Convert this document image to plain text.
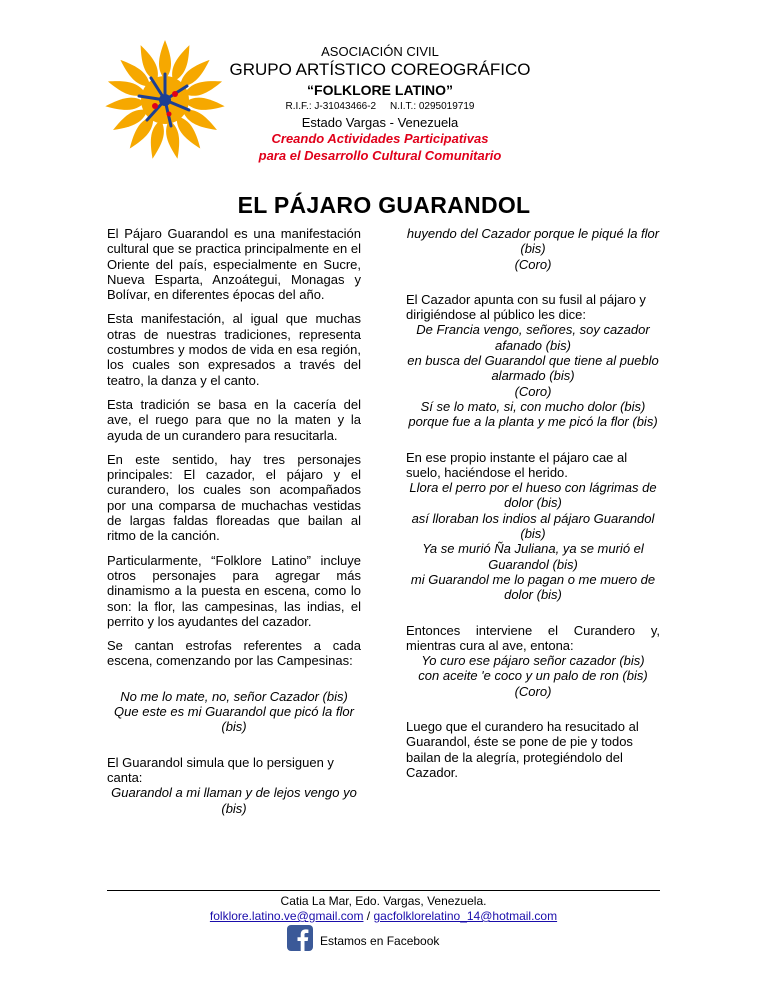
ASOCIACIÓN CIVIL
GRUPO ARTÍSTICO COREOGRÁFICO
“FOLKLORE LATINO”
R.I.F.: J-31043466-2     N.I.T.: 0295019719
Estado Vargas - Venezuela
Creando Actividades Participativas
para el Desarrollo Cultural Comunitario
EL PÁJARO GUARANDOL

El Pájaro Guarandol es una manifestación cultural que se practica principalmente en el Oriente del país, especialmente en Sucre, Nueva Esparta, Anzoátegui, Monagas y Bolívar, en diferentes épocas del año.

Esta manifestación, al igual que muchas otras de nuestras tradiciones, representa costumbres y modos de vida en esa región, los cuales son expresados a través del teatro, la danza y el canto.

Esta tradición se basa en la cacería del ave, el ruego para que no la maten y la ayuda de un curandero para resucitarla.

En este sentido, hay tres personajes principales: El cazador, el pájaro y el curandero, los cuales son acompañados por una comparsa de muchachas vestidas de largas faldas floreadas que bailan al ritmo de la canción.

Particularmente, “Folklore Latino” incluye otros personajes para agregar más dinamismo a la puesta en escena, como lo son: la flor, las campesinas, las indias, el perrito y los ayudantes del cazador.

Se cantan estrofas referentes a cada escena, comenzando por las Campesinas:

No me lo mate, no, señor Cazador (bis)

Que este es mi Guarandol que picó la flor (bis)

El Guarandol simula que lo persiguen y canta:

Guarandol a mi llaman y de lejos vengo yo (bis)

huyendo del Cazador porque le piqué la flor (bis)

(Coro)

El Cazador apunta con su fusil al pájaro y dirigiéndose al público les dice:

De Francia vengo, señores, soy cazador afanado (bis)

en busca del Guarandol que tiene al pueblo alarmado (bis)

(Coro)

Sí se lo mato, si, con mucho dolor (bis)

porque fue a la planta y me picó la flor (bis)

En ese propio instante el pájaro cae al suelo, haciéndose el herido.

Llora el perro por el hueso con lágrimas de dolor (bis)

así lloraban los indios al pájaro Guarandol (bis)

Ya se murió Ña Juliana, ya se murió el Guarandol (bis)

mi Guarandol me lo pagan o me muero de dolor (bis)

Entonces interviene el Curandero y, mientras cura al ave, entona:

Yo curo ese pájaro señor cazador (bis)

con aceite 'e coco y un palo de ron (bis)

(Coro)

Luego que el curandero ha resucitado al Guarandol, éste se pone de pie y todos bailan de la alegría, protegiéndolo del Cazador.

Catia La Mar, Edo. Vargas, Venezuela.
folklore.latino.ve@gmail.com / gacfolklorelatino_14@hotmail.com
Estamos en Facebook
